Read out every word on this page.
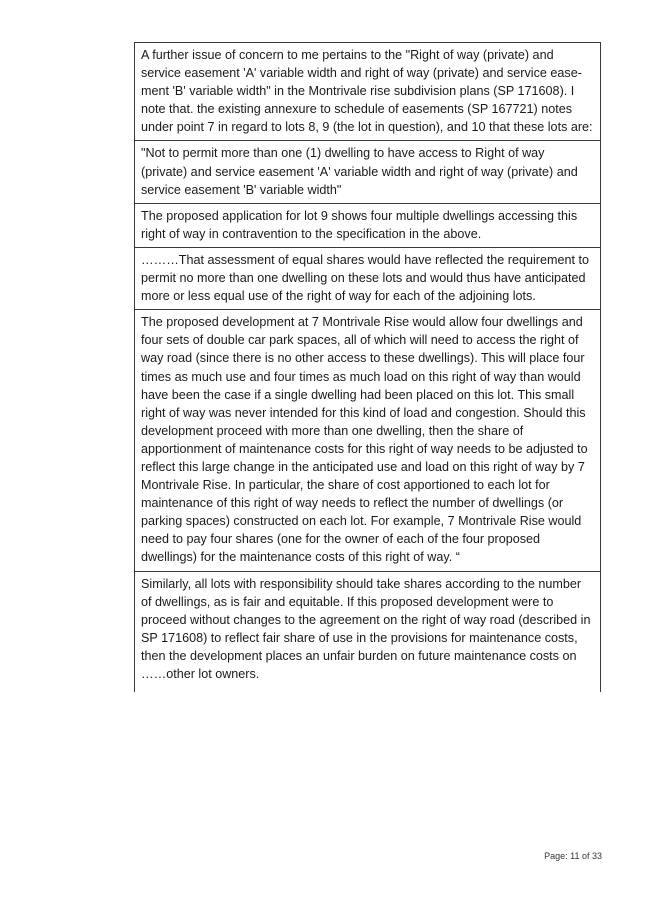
A further issue of concern to me pertains to the "Right of way (private) and service easement 'A' variable width and right of way (private) and service ease-ment 'B' variable width" in the Montrivale rise subdivision plans (SP 171608). I note that. the existing annexure to schedule of easements (SP 167721) notes under point 7 in regard to lots 8, 9 (the lot in question), and 10 that these lots are:
"Not to permit more than one (1) dwelling to have access to Right of way (private) and service easement 'A' variable width and right of way (private) and service easement 'B' variable width"
The proposed application for lot 9 shows four multiple dwellings accessing this right of way in contravention to the specification in the above.
………That assessment of equal shares would have reflected the requirement to permit no more than one dwelling on these lots and would thus have anticipated more or less equal use of the right of way for each of the adjoining lots.
The proposed development at 7 Montrivale Rise would allow four dwellings and four sets of double car park spaces, all of which will need to access the right of way road (since there is no other access to these dwellings). This will place four times as much use and four times as much load on this right of way than would have been the case if a single dwelling had been placed on this lot. This small right of way was never intended for this kind of load and congestion. Should this development proceed with more than one dwelling, then the share of apportionment of maintenance costs for this right of way needs to be adjusted to reflect this large change in the anticipated use and load on this right of way by 7 Montrivale Rise. In particular, the share of cost apportioned to each lot for maintenance of this right of way needs to reflect the number of dwellings (or parking spaces) constructed on each lot. For example, 7 Montrivale Rise would need to pay four shares (one for the owner of each of the four proposed dwellings) for the maintenance costs of this right of way. “
Similarly, all lots with responsibility should take shares according to the number of dwellings, as is fair and equitable. If this proposed development were to proceed without changes to the agreement on the right of way road (described in SP 171608) to reflect fair share of use in the provisions for maintenance costs, then the development places an unfair burden on future maintenance costs on ……other lot owners.
Page: 11 of 33
